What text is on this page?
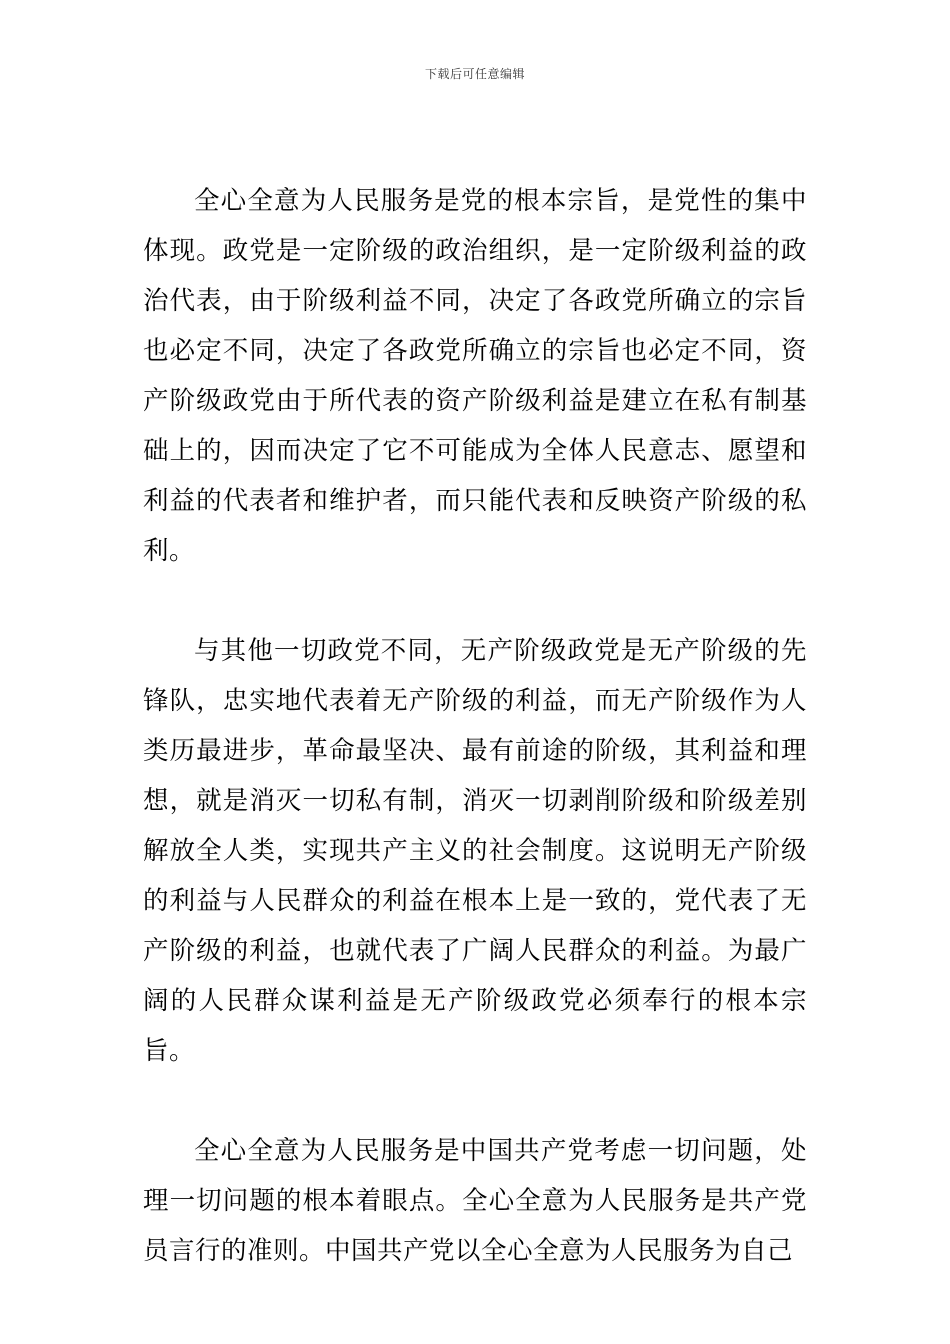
下载后可任意编辑

全心全意为人民服务是党的根本宗旨，是党性的集中体现。政党是一定阶级的政治组织，是一定阶级利益的政治代表，由于阶级利益不同，决定了各政党所确立的宗旨也必定不同，决定了各政党所确立的宗旨也必定不同，资产阶级政党由于所代表的资产阶级利益是建立在私有制基础上的，因而决定了它不可能成为全体人民意志、愿望和利益的代表者和维护者，而只能代表和反映资产阶级的私利。

与其他一切政党不同，无产阶级政党是无产阶级的先锋队，忠实地代表着无产阶级的利益，而无产阶级作为人类历最进步，革命最坚决、最有前途的阶级，其利益和理想，就是消灭一切私有制，消灭一切剥削阶级和阶级差别解放全人类，实现共产主义的社会制度。这说明无产阶级的利益与人民群众的利益在根本上是一致的，党代表了无产阶级的利益，也就代表了广阔人民群众的利益。为最广阔的人民群众谋利益是无产阶级政党必须奉行的根本宗旨。

全心全意为人民服务是中国共产党考虑一切问题，处理一切问题的根本着眼点。全心全意为人民服务是共产党员言行的准则。中国共产党以全心全意为人民服务为自己
